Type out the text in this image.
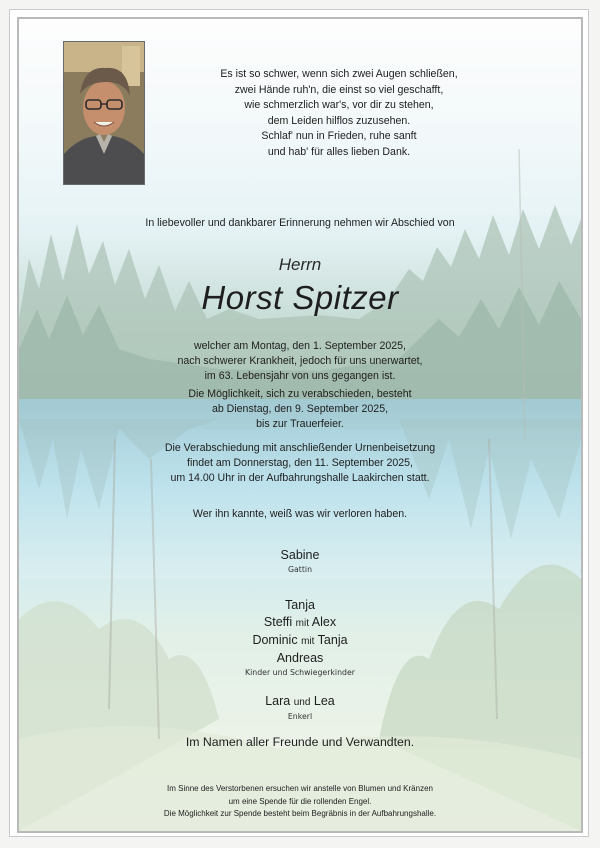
Es ist so schwer, wenn sich zwei Augen schließen,
zwei Hände ruh'n, die einst so viel geschafft,
wie schmerzlich war's, vor dir zu stehen,
dem Leiden hilflos zuzusehen.
Schlaf' nun in Frieden, ruhe sanft
und hab' für alles lieben Dank.
In liebevoller und dankbarer Erinnerung nehmen wir Abschied von
Herrn
Horst Spitzer
welcher am Montag, den 1. September 2025,
nach schwerer Krankheit, jedoch für uns unerwartet,
im 63. Lebensjahr von uns gegangen ist.
Die Möglichkeit, sich zu verabschieden, besteht
ab Dienstag, den 9. September 2025,
bis zur Trauerfeier.
Die Verabschiedung mit anschließender Urnenbeisetzung
findet am Donnerstag, den 11. September 2025,
um 14.00 Uhr in der Aufbahrungshalle Laakirchen statt.
Wer ihn kannte, weiß was wir verloren haben.
Sabine
Gattin
Tanja
Steffi mit Alex
Dominic mit Tanja
Andreas
Kinder und Schwiegerkinder
Lara und Lea
Enkerl
Im Namen aller Freunde und Verwandten.
Im Sinne des Verstorbenen ersuchen wir anstelle von Blumen und Kränzen
um eine Spende für die rollenden Engel.
Die Möglichkeit zur Spende besteht beim Begräbnis in der Aufbahrungshalle.
